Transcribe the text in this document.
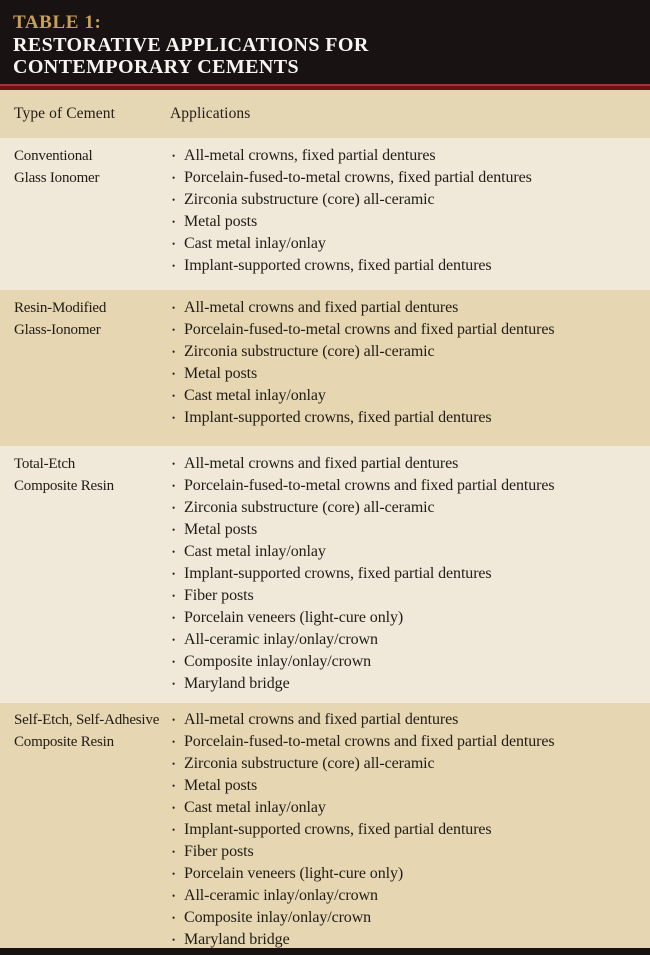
TABLE 1:
RESTORATIVE APPLICATIONS FOR
CONTEMPORARY CEMENTS
Type of Cement	Applications
Conventional
Glass Ionomer
• All-metal crowns, fixed partial dentures
• Porcelain-fused-to-metal crowns, fixed partial dentures
• Zirconia substructure (core) all-ceramic
• Metal posts
• Cast metal inlay/onlay
• Implant-supported crowns, fixed partial dentures
Resin-Modified
Glass-Ionomer
• All-metal crowns and fixed partial dentures
• Porcelain-fused-to-metal crowns and fixed partial dentures
• Zirconia substructure (core) all-ceramic
• Metal posts
• Cast metal inlay/onlay
• Implant-supported crowns, fixed partial dentures
Total-Etch
Composite Resin
• All-metal crowns and fixed partial dentures
• Porcelain-fused-to-metal crowns and fixed partial dentures
• Zirconia substructure (core) all-ceramic
• Metal posts
• Cast metal inlay/onlay
• Implant-supported crowns, fixed partial dentures
• Fiber posts
• Porcelain veneers (light-cure only)
• All-ceramic inlay/onlay/crown
• Composite inlay/onlay/crown
• Maryland bridge
Self-Etch, Self-Adhesive
Composite Resin
• All-metal crowns and fixed partial dentures
• Porcelain-fused-to-metal crowns and fixed partial dentures
• Zirconia substructure (core) all-ceramic
• Metal posts
• Cast metal inlay/onlay
• Implant-supported crowns, fixed partial dentures
• Fiber posts
• Porcelain veneers (light-cure only)
• All-ceramic inlay/onlay/crown
• Composite inlay/onlay/crown
• Maryland bridge
